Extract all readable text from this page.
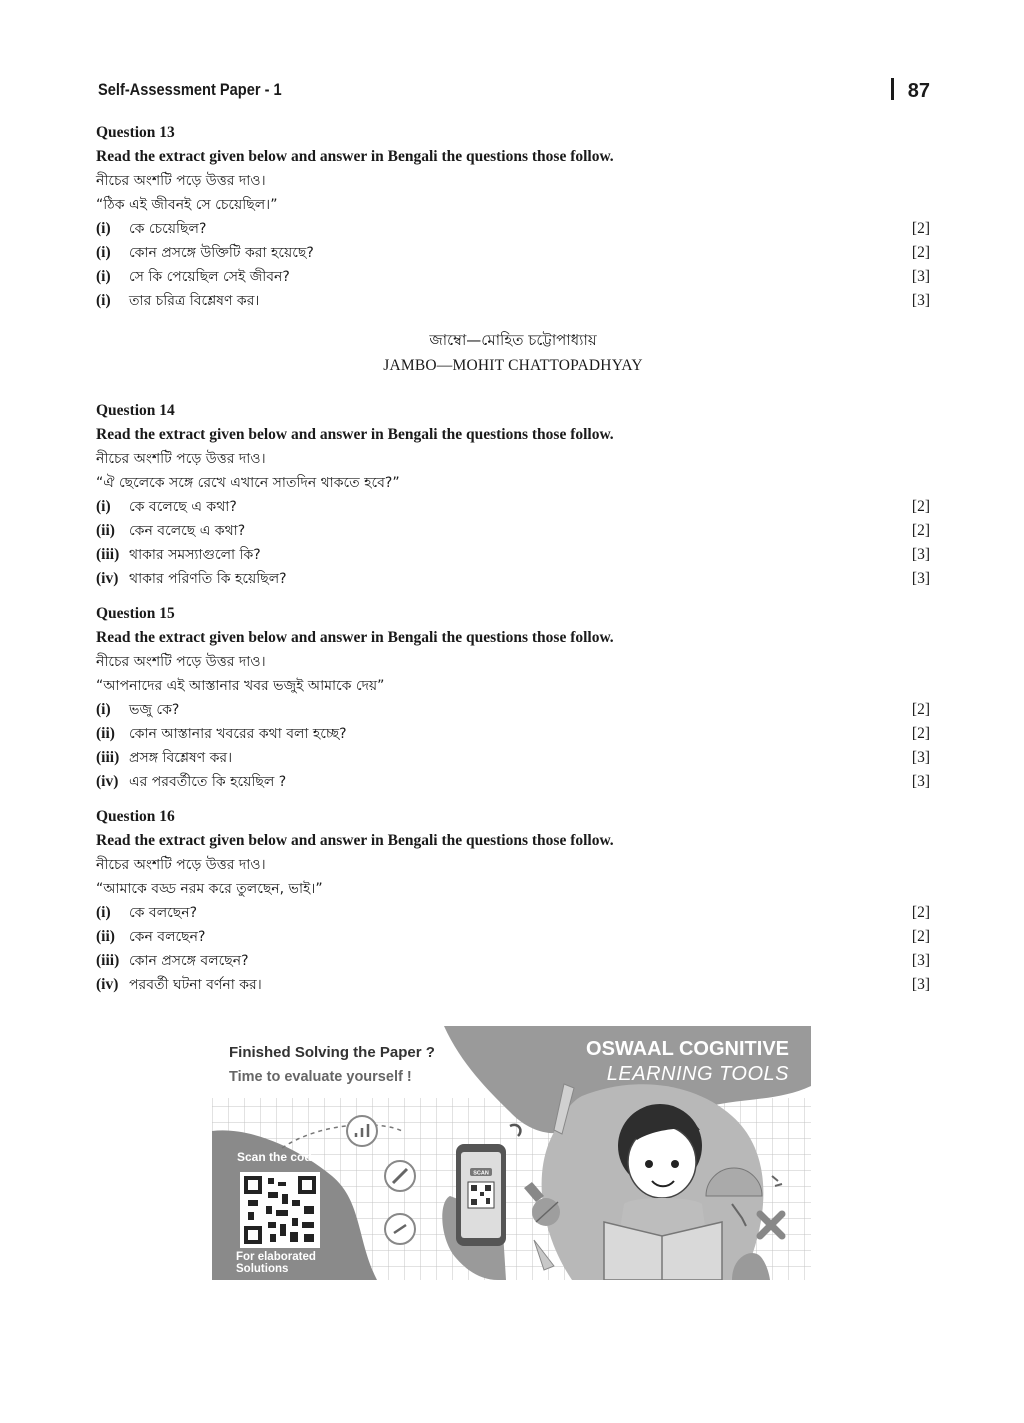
Self-Assessment Paper - 1	87
Question 13
Read the extract given below and answer in Bengali the questions those follow.
নীচের অংশটি পড়ে উত্তর দাও।
“ঠিক এই জীবনই সে চেয়েছিল।”
(i) কে চেয়েছিল?	[2]
(i) কোন প্রসঙ্গে উক্তিটি করা হয়েছে?	[2]
(i) সে কি পেয়েছিল সেই জীবন?	[3]
(i) তার চরিত্র বিশ্লেষণ কর।	[3]
জাম্বো—মোহিত চট্টোপাধ্যায়
JAMBO—MOHIT CHATTOPADHYAY
Question 14
Read the extract given below and answer in Bengali the questions those follow.
নীচের অংশটি পড়ে উত্তর দাও।
“ঐ ছেলেকে সঙ্গে রেখে এখানে সাতদিন থাকতে হবে?”
(i) কে বলেছে এ কথা?	[2]
(ii) কেন বলেছে এ কথা?	[2]
(iii) থাকার সমস্যাগুলো কি?	[3]
(iv) থাকার পরিণতি কি হয়েছিল?	[3]
Question 15
Read the extract given below and answer in Bengali the questions those follow.
নীচের অংশটি পড়ে উত্তর দাও।
“আপনাদের এই আস্তানার খবর ভজুই আমাকে দেয়”
(i) ভজু কে?	[2]
(ii) কোন আস্তানার খবরের কথা বলা হচ্ছে?	[2]
(iii) প্রসঙ্গ বিশ্লেষণ কর।	[3]
(iv) এর পরবর্তীতে কি হয়েছিল ?	[3]
Question 16
Read the extract given below and answer in Bengali the questions those follow.
নীচের অংশটি পড়ে উত্তর দাও।
“আমাকে বড্ড নরম করে তুলছেন, ভাই।”
(i) কে বলছেন?	[2]
(ii) কেন বলছেন?	[2]
(iii) কোন প্রসঙ্গে বলছেন?	[3]
(iv) পরবর্তী ঘটনা বর্ণনা কর।	[3]
SCAN
Finished Solving the Paper ?
Time to evaluate yourself !
OSWAAL COGNITIVE
LEARNING TOOLS
Scan the code
For elaborated Solutions
